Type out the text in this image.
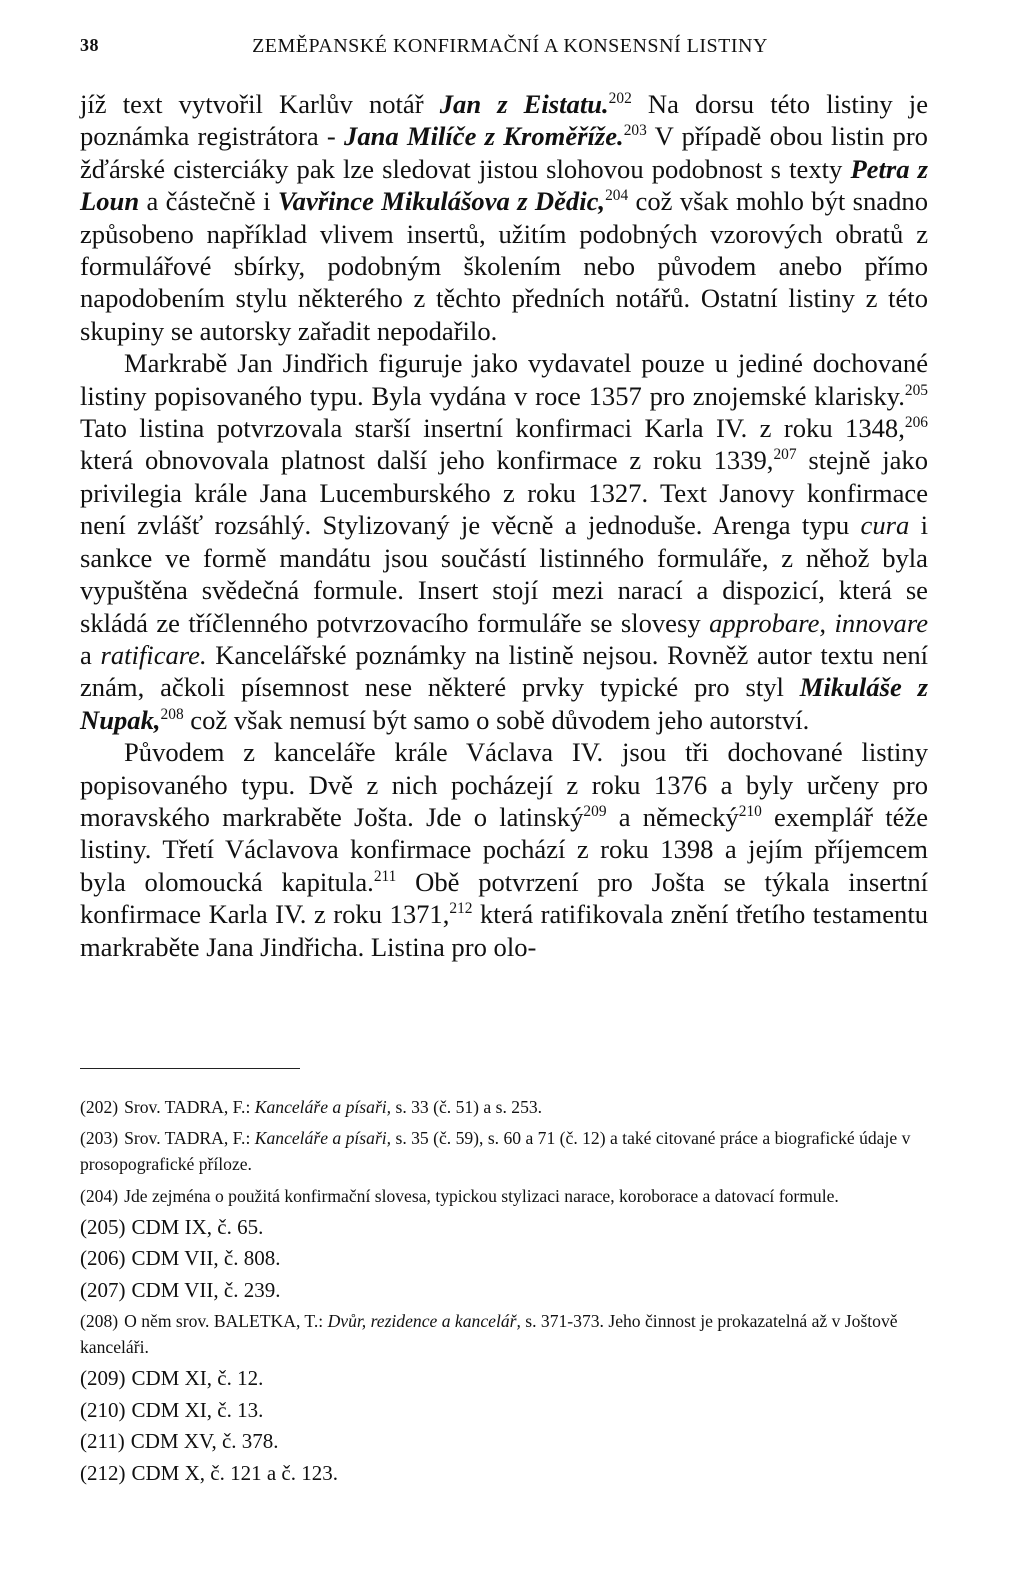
38	ZEMĚPANSKÉ KONFIRMAČNÍ A KONSENSNÍ LISTINY

jíž text vytvořil Karlův notář Jan z Eistatu.$^{202}$ Na dorsu této listiny je poznámka registrátora - Jana Milíče z Kroměříže.$^{203}$ V případě obou listin pro žďárské cisterciáky pak lze sledovat jistou slohovou podobnost s texty Petra z Loun a částečně i Vavřince Mikulášova z Dědic,$^{204}$ což však mohlo být snadno způsobeno například vlivem insertů, užitím podobných vzorových obratů z formulářové sbírky, podobným školením nebo původem anebo přímo napodobením stylu některého z těchto předních notářů. Ostatní listiny z této skupiny se autorsky zařadit nepodařilo.

Markrabě Jan Jindřich figuruje jako vydavatel pouze u jediné dochované listiny popisovaného typu. Byla vydána v roce 1357 pro znojemské klarisky.$^{205}$ Tato listina potvrzovala starší insertní konfirmaci Karla IV. z roku 1348,$^{206}$ která obnovovala platnost další jeho konfirmace z roku 1339,$^{207}$ stejně jako privilegia krále Jana Lucemburského z roku 1327. Text Janovy konfirmace není zvlášť rozsáhlý. Stylizovaný je věcně a jednoduše. Arenga typu cura i sankce ve formě mandátu jsou součástí listinného formuláře, z něhož byla vypuštěna svědečná formule. Insert stojí mezi narací a dispozicí, která se skládá ze tříčlenného potvrzovacího formuláře se slovesy approbare, innovare a ratificare. Kancelářské poznámky na listině nejsou. Rovněž autor textu není znám, ačkoli písemnost nese některé prvky typické pro styl Mikuláše z Nupak,$^{208}$ což však nemusí být samo o sobě důvodem jeho autorství.

Původem z kanceláře krále Václava IV. jsou tři dochované listiny popisovaného typu. Dvě z nich pocházejí z roku 1376 a byly určeny pro moravského markraběte Jošta. Jde o latinský$^{209}$ a německý$^{210}$ exemplář téže listiny. Třetí Václavova konfirmace pochází z roku 1398 a jejím příjemcem byla olomoucká kapitula.$^{211}$ Obě potvrzení pro Jošta se týkala insertní konfirmace Karla IV. z roku 1371,$^{212}$ která ratifikovala znění třetího testamentu markraběte Jana Jindřicha. Listina pro olo-

(202) Srov. TADRA, F.: Kanceláře a písaři, s. 33 (č. 51) a s. 253.
(203) Srov. TADRA, F.: Kanceláře a písaři, s. 35 (č. 59), s. 60 a 71 (č. 12) a také citované práce a biografické údaje v prosopografické příloze.
(204) Jde zejména o použitá konfirmační slovesa, typickou stylizaci narace, koroborace a datovací formule.
(205) CDM IX, č. 65.
(206) CDM VII, č. 808.
(207) CDM VII, č. 239.
(208) O něm srov. BALETKA, T.: Dvůr, rezidence a kancelář, s. 371-373. Jeho činnost je prokazatelná až v Joštově kanceláři.
(209) CDM XI, č. 12.
(210) CDM XI, č. 13.
(211) CDM XV, č. 378.
(212) CDM X, č. 121 a č. 123.
